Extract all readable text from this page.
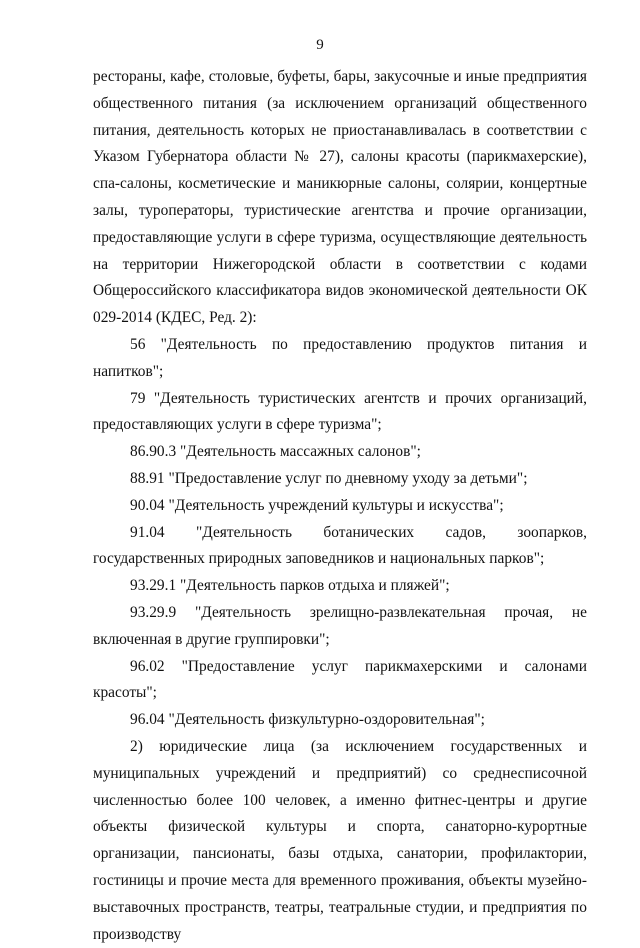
9

рестораны, кафе, столовые, буфеты, бары, закусочные и иные предприятия общественного питания (за исключением организаций общественного питания, деятельность которых не приостанавливалась в соответствии с Указом Губернатора области № 27), салоны красоты (парикмахерские), спа-салоны, косметические и маникюрные салоны, солярии, концертные залы, туроператоры, туристические агентства и прочие организации, предоставляющие услуги в сфере туризма, осуществляющие деятельность на территории Нижегородской области в соответствии с кодами Общероссийского классификатора видов экономической деятельности ОК 029-2014 (КДЕС, Ред. 2):

56 "Деятельность по предоставлению продуктов питания и напитков";

79 "Деятельность туристических агентств и прочих организаций, предоставляющих услуги в сфере туризма";

86.90.3 "Деятельность массажных салонов";

88.91 "Предоставление услуг по дневному уходу за детьми";

90.04 "Деятельность учреждений культуры и искусства";

91.04 "Деятельность ботанических садов, зоопарков, государственных природных заповедников и национальных парков";

93.29.1 "Деятельность парков отдыха и пляжей";

93.29.9 "Деятельность зрелищно-развлекательная прочая, не включенная в другие группировки";

96.02 "Предоставление услуг парикмахерскими и салонами красоты";

96.04 "Деятельность физкультурно-оздоровительная";

2) юридические лица (за исключением государственных и муниципальных учреждений и предприятий) со среднесписочной численностью более 100 человек, а именно фитнес-центры и другие объекты физической культуры и спорта, санаторно-курортные организации, пансионаты, базы отдыха, санатории, профилактории, гостиницы и прочие места для временного проживания, объекты музейно-выставочных пространств, театры, театральные студии, и предприятия по производству
